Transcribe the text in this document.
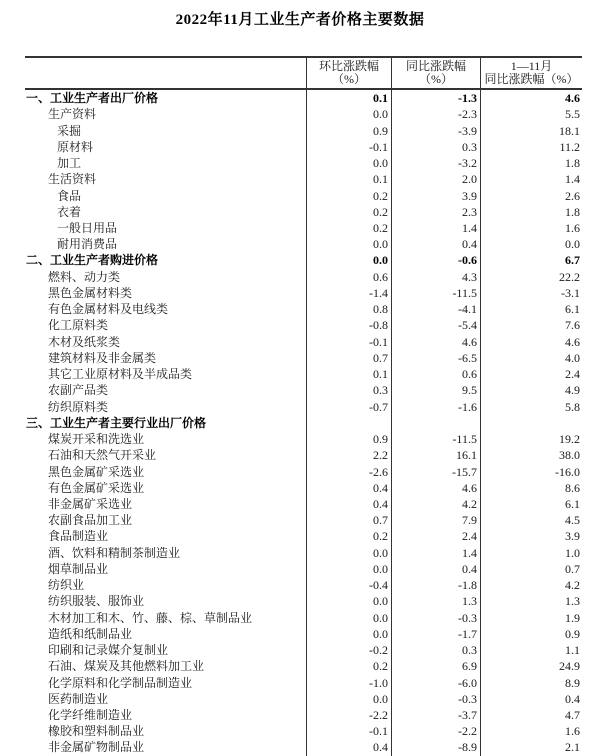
2022年11月工业生产者价格主要数据
环比涨跌幅
（%）
同比涨跌幅
（%）
1—11月
同比涨跌幅（%）
一、工业生产者出厂价格	0.1	-1.3	4.6
生产资料	0.0	-2.3	5.5
采掘	0.9	-3.9	18.1
原材料	-0.1	0.3	11.2
加工	0.0	-3.2	1.8
生活资料	0.1	2.0	1.4
食品	0.2	3.9	2.6
衣着	0.2	2.3	1.8
一般日用品	0.2	1.4	1.6
耐用消费品	0.0	0.4	0.0
二、工业生产者购进价格	0.0	-0.6	6.7
燃料、动力类	0.6	4.3	22.2
黑色金属材料类	-1.4	-11.5	-3.1
有色金属材料及电线类	0.8	-4.1	6.1
化工原料类	-0.8	-5.4	7.6
木材及纸浆类	-0.1	4.6	4.6
建筑材料及非金属类	0.7	-6.5	4.0
其它工业原材料及半成品类	0.1	0.6	2.4
农副产品类	0.3	9.5	4.9
纺织原料类	-0.7	-1.6	5.8
三、工业生产者主要行业出厂价格
煤炭开采和洗选业	0.9	-11.5	19.2
石油和天然气开采业	2.2	16.1	38.0
黑色金属矿采选业	-2.6	-15.7	-16.0
有色金属矿采选业	0.4	4.6	8.6
非金属矿采选业	0.4	4.2	6.1
农副食品加工业	0.7	7.9	4.5
食品制造业	0.2	2.4	3.9
酒、饮料和精制茶制造业	0.0	1.4	1.0
烟草制品业	0.0	0.4	0.7
纺织业	-0.4	-1.8	4.2
纺织服装、服饰业	0.0	1.3	1.3
木材加工和木、竹、藤、棕、草制品业	0.0	-0.3	1.9
造纸和纸制品业	0.0	-1.7	0.9
印刷和记录媒介复制业	-0.2	0.3	1.1
石油、煤炭及其他燃料加工业	0.2	6.9	24.9
化学原料和化学制品制造业	-1.0	-6.0	8.9
医药制造业	0.0	-0.3	0.4
化学纤维制造业	-2.2	-3.7	4.7
橡胶和塑料制品业	-0.1	-2.2	1.6
非金属矿物制品业	0.4	-8.9	2.1
